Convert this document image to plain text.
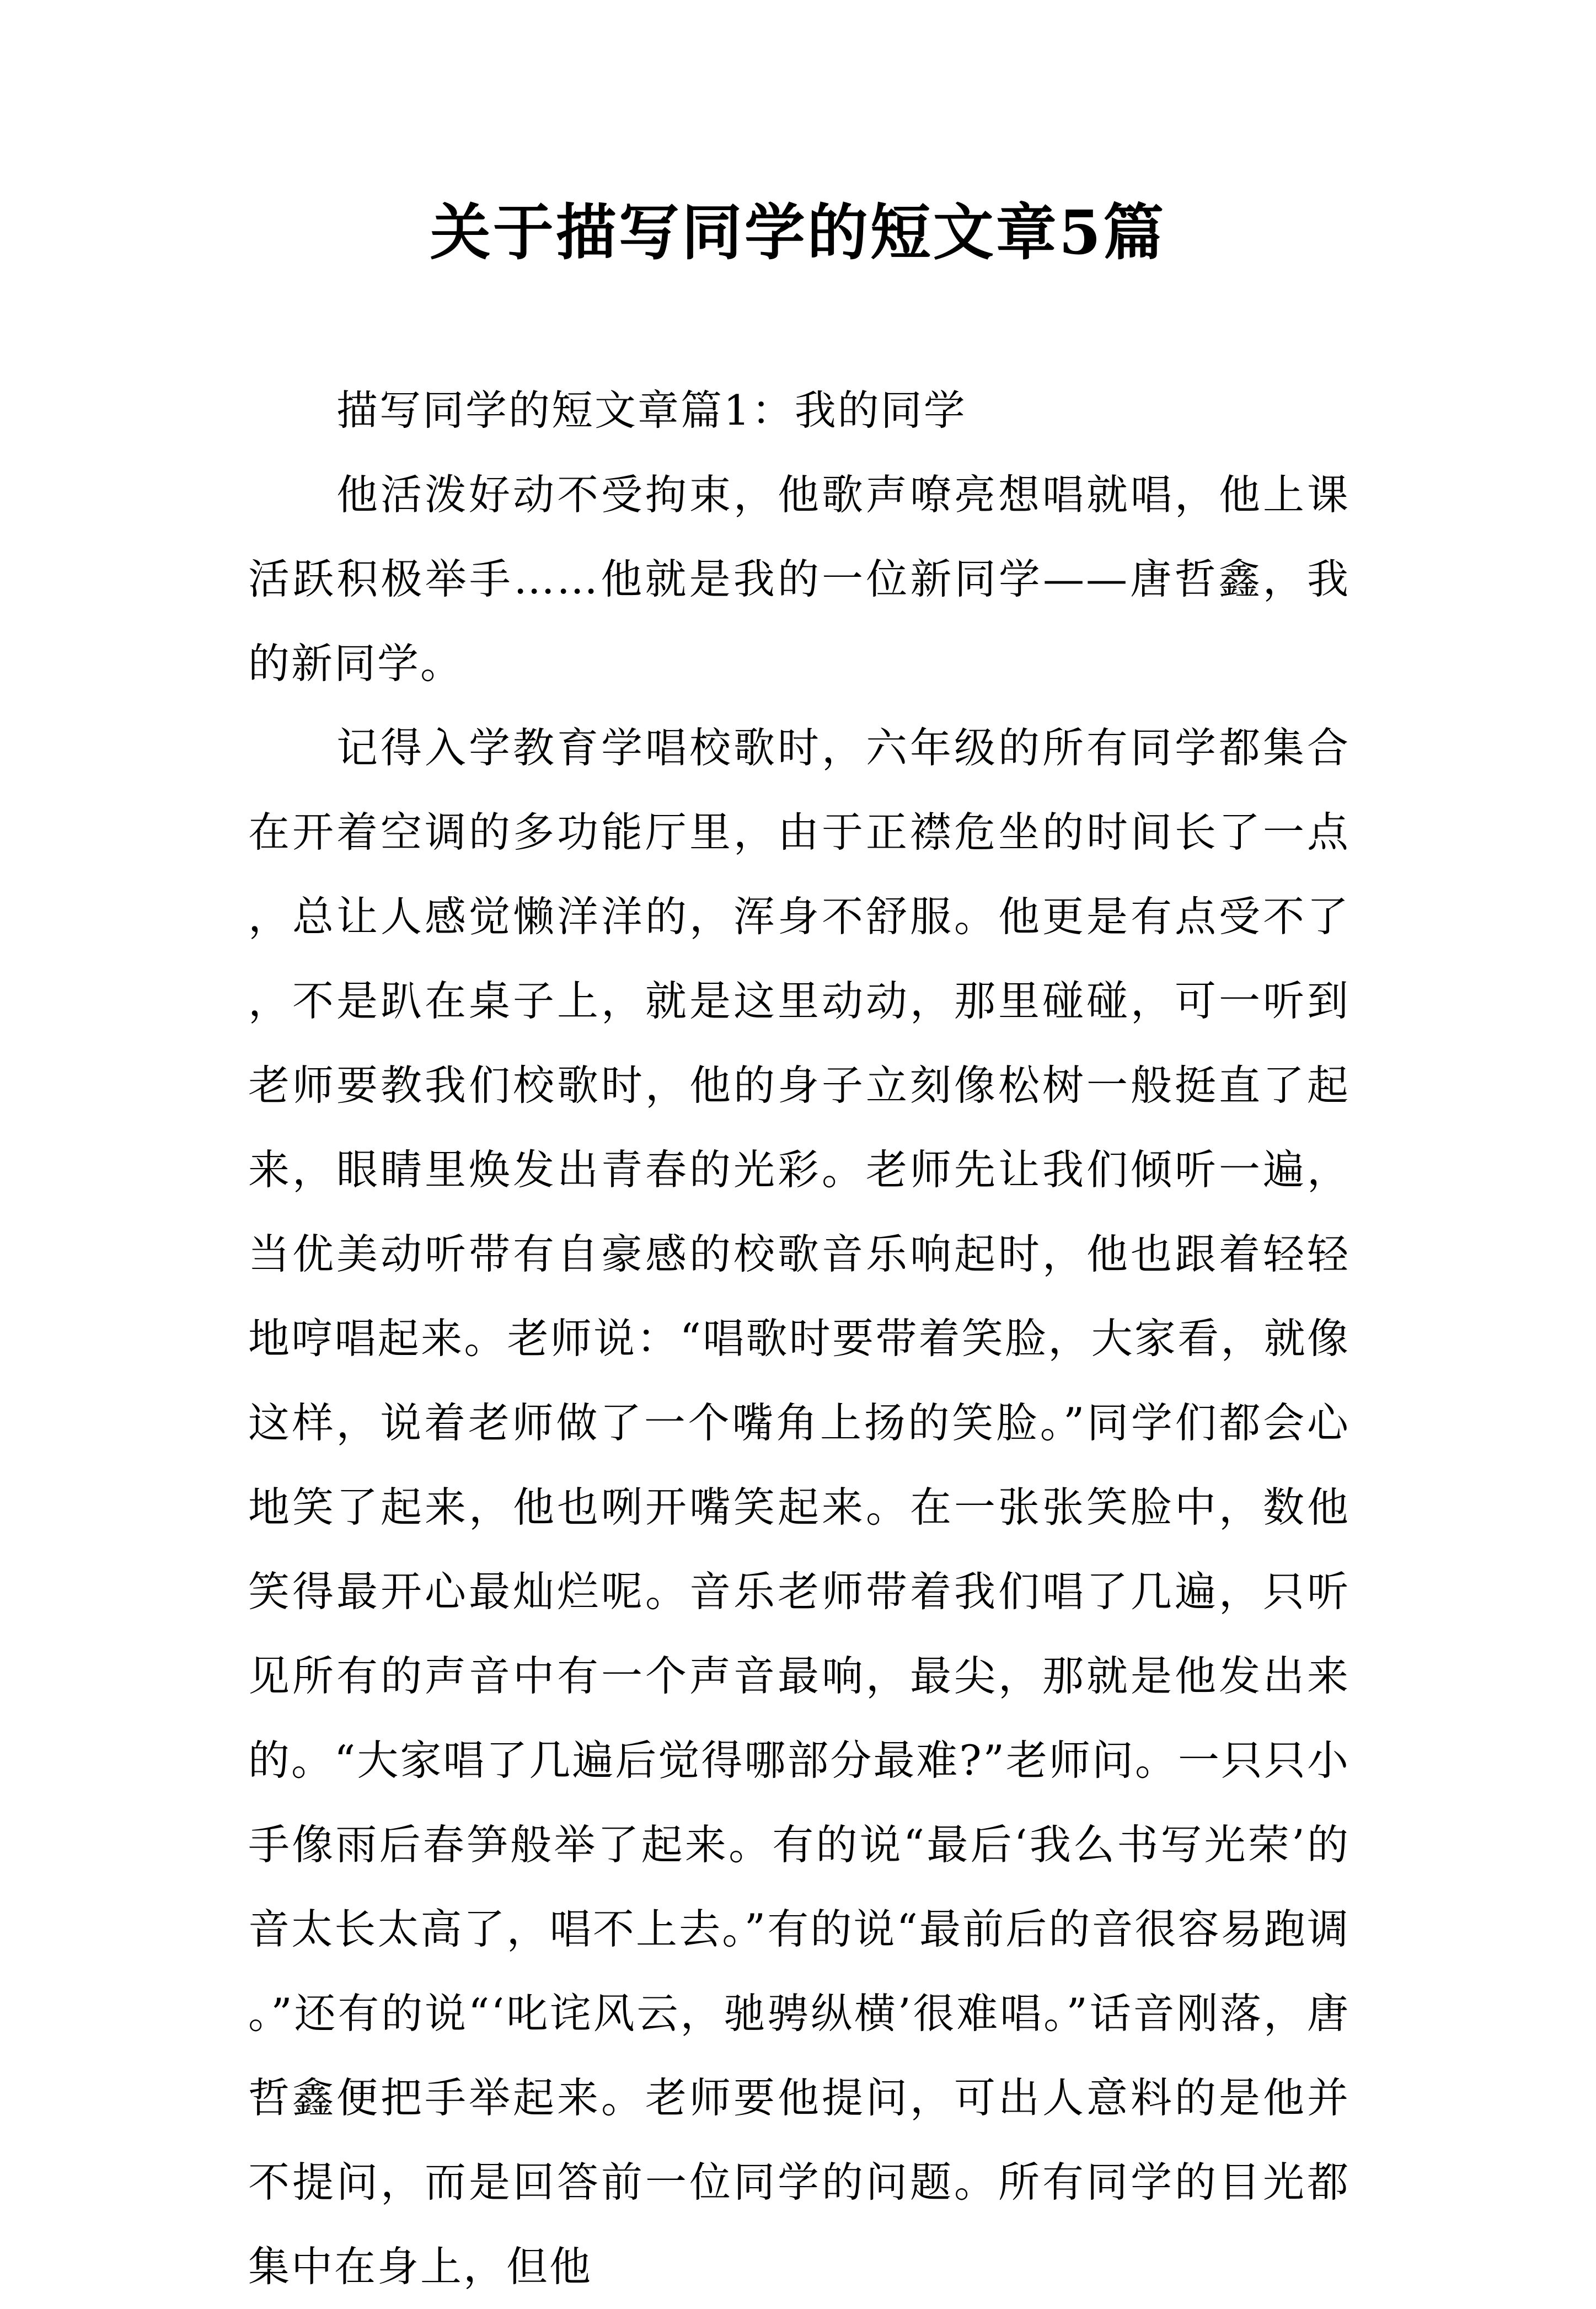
关于描写同学的短文章5篇

描写同学的短文章篇1：我的同学

他活泼好动不受拘束，他歌声嘹亮想唱就唱，他上课活跃积极举手……他就是我的一位新同学——唐哲鑫，我的新同学。

记得入学教育学唱校歌时，六年级的所有同学都集合在开着空调的多功能厅里，由于正襟危坐的时间长了一点，总让人感觉懒洋洋的，浑身不舒服。他更是有点受不了，不是趴在桌子上，就是这里动动，那里碰碰，可一听到老师要教我们校歌时，他的身子立刻像松树一般挺直了起来，眼睛里焕发出青春的光彩。老师先让我们倾听一遍，当优美动听带有自豪感的校歌音乐响起时，他也跟着轻轻地哼唱起来。老师说：“唱歌时要带着笑脸，大家看，就像这样，说着老师做了一个嘴角上扬的笑脸。”同学们都会心地笑了起来，他也咧开嘴笑起来。在一张张笑脸中，数他笑得最开心最灿烂呢。音乐老师带着我们唱了几遍，只听见所有的声音中有一个声音最响，最尖，那就是他发出来的。“大家唱了几遍后觉得哪部分最难?”老师问。一只只小手像雨后春笋般举了起来。有的说“最后‘我么书写光荣’的音太长太高了，唱不上去。”有的说“最前后的音很容易跑调。”还有的说“‘叱诧风云，驰骋纵横’很难唱。”话音刚落，唐哲鑫便把手举起来。老师要他提问，可出人意料的是他并不提问，而是回答前一位同学的问题。所有同学的目光都集中在身上，但他
